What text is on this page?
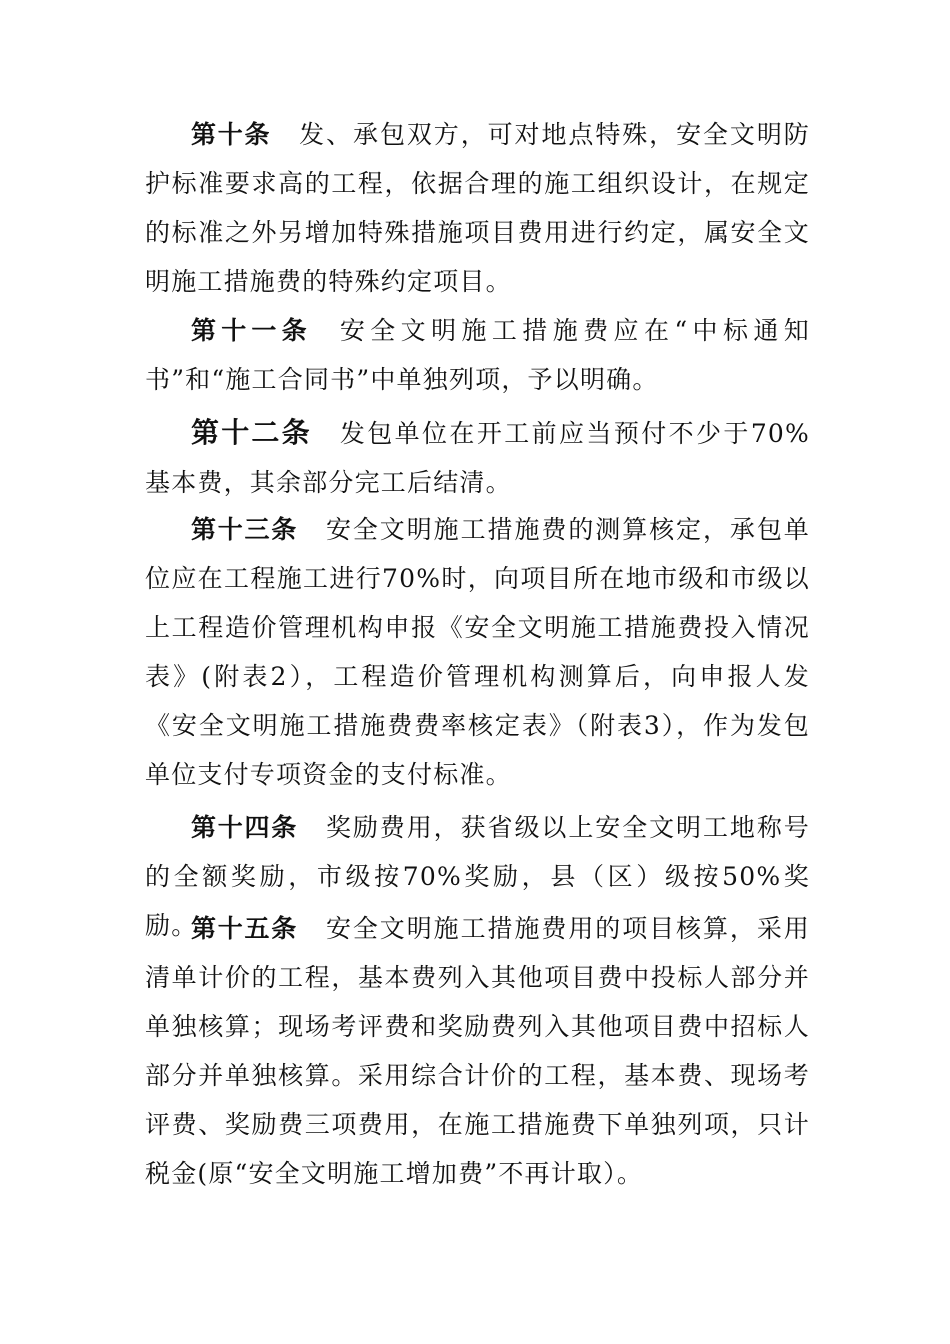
第十条 发、承包双方，可对地点特殊，安全文明防护标准要求高的工程，依据合理的施工组织设计，在规定的标准之外另增加特殊措施项目费用进行约定，属安全文明施工措施费的特殊约定项目。

第十一条 安全文明施工措施费应在“中标通知书”和“施工合同书”中单独列项，予以明确。

第十二条 发包单位在开工前应当预付不少于70%基本费，其余部分完工后结清。

第十三条 安全文明施工措施费的测算核定，承包单位应在工程施工进行70%时，向项目所在地市级和市级以上工程造价管理机构申报《安全文明施工措施费投入情况表》(附表2），工程造价管理机构测算后，向申报人发《安全文明施工措施费费率核定表》（附表3），作为发包单位支付专项资金的支付标准。

第十四条 奖励费用，获省级以上安全文明工地称号的全额奖励，市级按70%奖励，县（区）级按50%奖励。

第十五条 安全文明施工措施费用的项目核算，采用清单计价的工程，基本费列入其他项目费中投标人部分并单独核算；现场考评费和奖励费列入其他项目费中招标人部分并单独核算。采用综合计价的工程，基本费、现场考评费、奖励费三项费用，在施工措施费下单独列项，只计税金(原“安全文明施工增加费”不再计取）。
